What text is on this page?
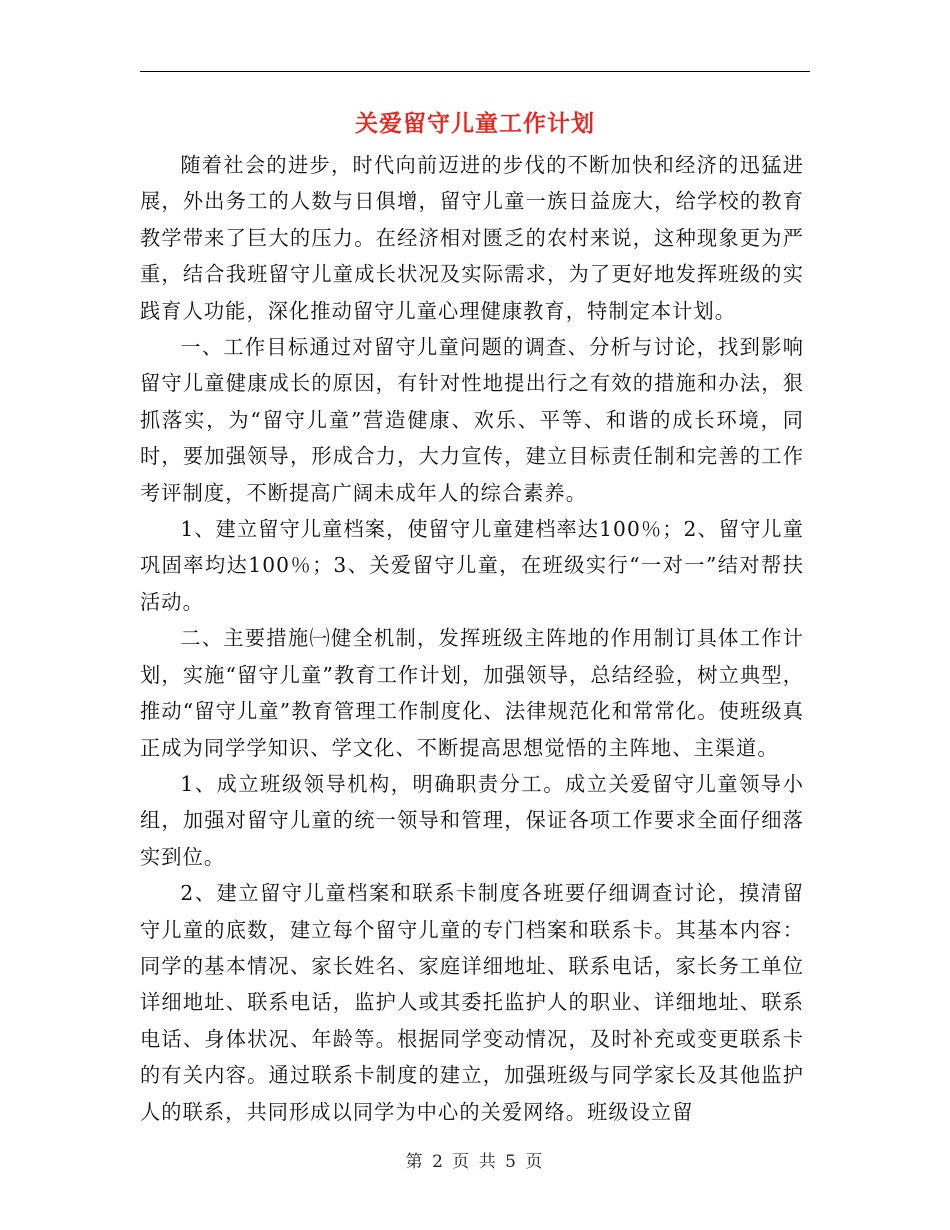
关爱留守儿童工作计划

随着社会的进步，时代向前迈进的步伐的不断加快和经济的迅猛进展，外出务工的人数与日俱增，留守儿童一族日益庞大，给学校的教育教学带来了巨大的压力。在经济相对匮乏的农村来说，这种现象更为严重，结合我班留守儿童成长状况及实际需求，为了更好地发挥班级的实践育人功能，深化推动留守儿童心理健康教育，特制定本计划。

一、工作目标通过对留守儿童问题的调查、分析与讨论，找到影响留守儿童健康成长的原因，有针对性地提出行之有效的措施和办法，狠抓落实，为“留守儿童”营造健康、欢乐、平等、和谐的成长环境，同时，要加强领导，形成合力，大力宣传，建立目标责任制和完善的工作考评制度，不断提高广阔未成年人的综合素养。

1、建立留守儿童档案，使留守儿童建档率达100％；2、留守儿童巩固率均达100％；3、关爱留守儿童，在班级实行“一对一”结对帮扶活动。

二、主要措施㈠健全机制，发挥班级主阵地的作用制订具体工作计划，实施“留守儿童”教育工作计划，加强领导，总结经验，树立典型，推动“留守儿童”教育管理工作制度化、法律规范化和常常化。使班级真正成为同学学知识、学文化、不断提高思想觉悟的主阵地、主渠道。

1、成立班级领导机构，明确职责分工。成立关爱留守儿童领导小组，加强对留守儿童的统一领导和管理，保证各项工作要求全面仔细落实到位。

2、建立留守儿童档案和联系卡制度各班要仔细调查讨论，摸清留守儿童的底数，建立每个留守儿童的专门档案和联系卡。其基本内容：同学的基本情况、家长姓名、家庭详细地址、联系电话，家长务工单位详细地址、联系电话，监护人或其委托监护人的职业、详细地址、联系电话、身体状况、年龄等。根据同学变动情况，及时补充或变更联系卡的有关内容。通过联系卡制度的建立，加强班级与同学家长及其他监护人的联系，共同形成以同学为中心的关爱网络。班级设立留

第 2 页 共 5 页
